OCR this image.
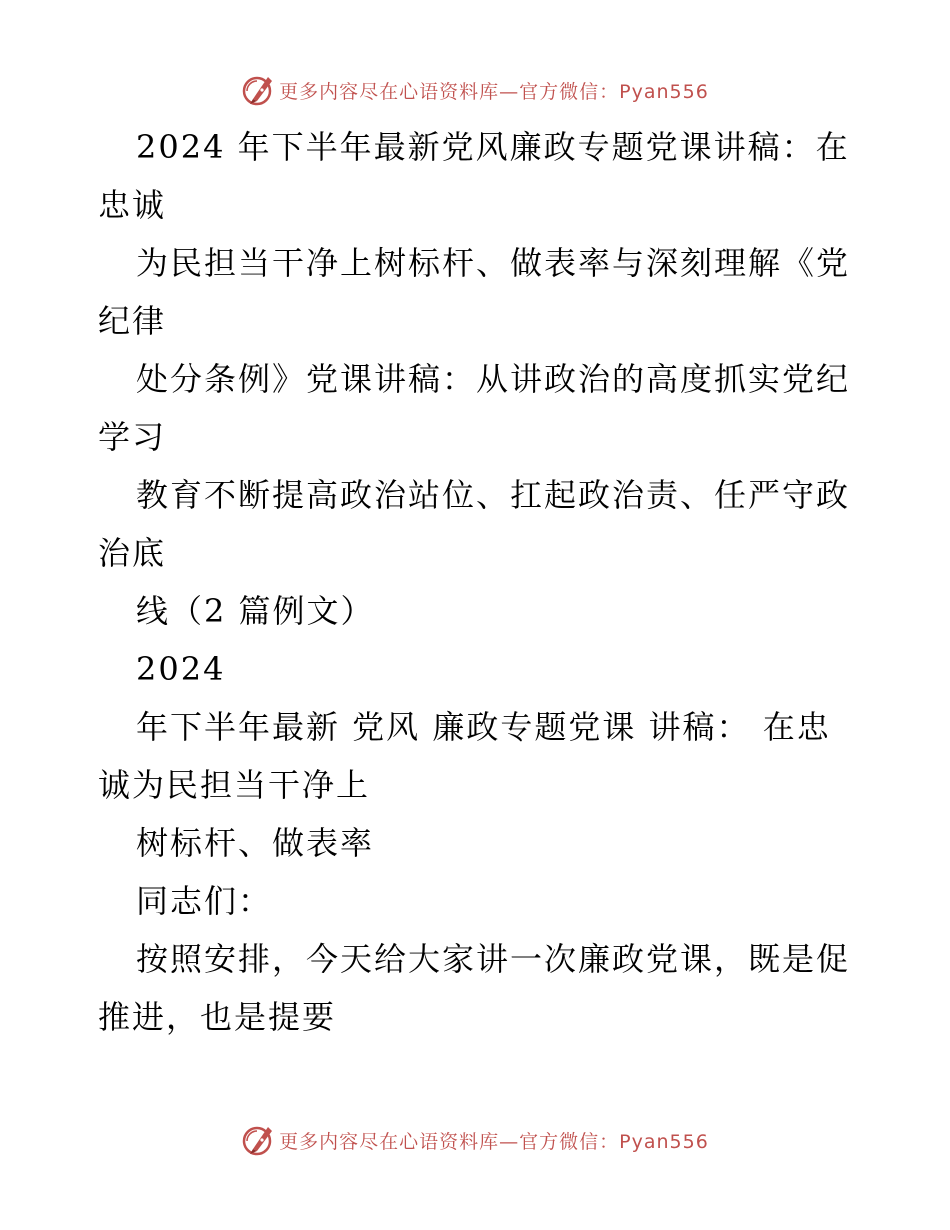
更多内容尽在心语资料库—官方微信：Pyan556
2024 年下半年最新党风廉政专题党课讲稿：在
忠诚
为民担当干净上树标杆、做表率与深刻理解《党
纪律
处分条例》党课讲稿：从讲政治的高度抓实党纪
学习
教育不断提高政治站位、扛起政治责、任严守政
治底
线（2 篇例文）
2024
年下半年最新 党风 廉政专题党课 讲稿： 在忠
诚为民担当干净上
树标杆、做表率
同志们：
按照安排，今天给大家讲一次廉政党课，既是促
推进，也是提要
更多内容尽在心语资料库—官方微信：Pyan556
